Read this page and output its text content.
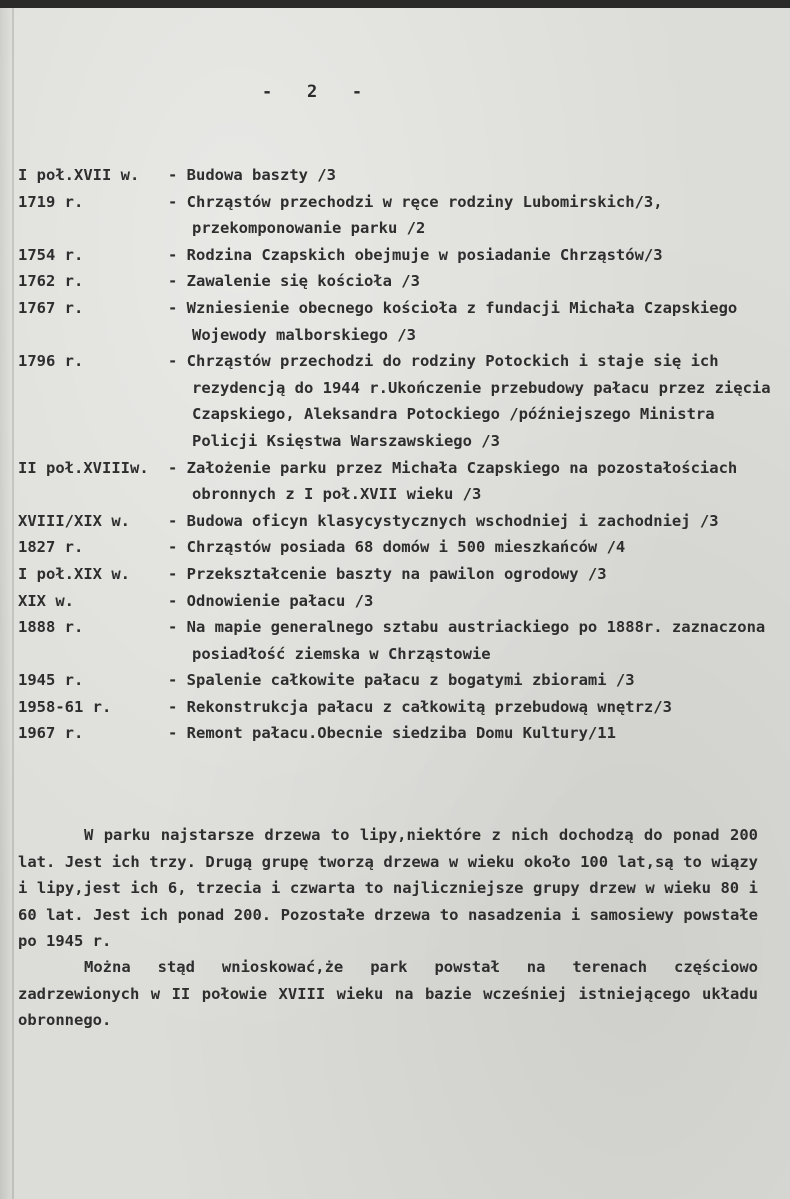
-   2   -
I poł.XVII w. - Budowa baszty /3
1719 r.	- Chrząstów przechodzi w ręce rodziny Lubomirskich/3, przekomponowanie parku /2
1754 r.	- Rodzina Czapskich obejmuje w posiadanie Chrząstów/3
1762 r.	- Zawalenie się kościoła /3
1767 r.	- Wzniesienie obecnego kościoła z fundacji Michała Czapskiego Wojewody malborskiego /3
1796 r.	- Chrząstów przechodzi do rodziny Potockich i staje się ich rezydencją do 1944 r.Ukończenie przebudowy pałacu przez zięcia Czapskiego, Aleksandra Potockiego /późniejszego Ministra Policji Księstwa Warszawskiego /3
II poł.XVIIIw. - Założenie parku przez Michała Czapskiego na pozostałościach obronnych z I poł.XVII wieku /3
XVIII/XIX w. - Budowa oficyn klasycystycznych wschodniej i zachodniej /3
1827 r.	- Chrząstów posiada 68 domów i 500 mieszkańców /4
I poł.XIX w. - Przekształcenie baszty na pawilon ogrodowy /3
XIX w.	- Odnowienie pałacu /3
1888 r.	- Na mapie generalnego sztabu austriackiego po 1888r. zaznaczona posiadłość ziemska w Chrząstowie
1945 r.	- Spalenie całkowite pałacu z bogatymi zbiorami /3
1958-61 r.	- Rekonstrukcja pałacu z całkowitą przebudową wnętrz/3
1967 r.	- Remont pałacu.Obecnie siedziba Domu Kultury/11

W parku najstarsze drzewa to lipy,niektóre z nich dochodzą do ponad 200 lat. Jest ich trzy. Drugą grupę tworzą drzewa w wieku około 100 lat,są to wiązy i lipy,jest ich 6, trzecia i czwarta to najliczniejsze grupy drzew w wieku 80 i 60 lat. Jest ich ponad 200. Pozostałe drzewa to nasadzenia i samosiewy powstałe po 1945 r.

Można stąd wnioskować,że park powstał na terenach częściowo zadrzewionych w II połowie XVIII wieku na bazie wcześniej istniejącego układu obronnego.
